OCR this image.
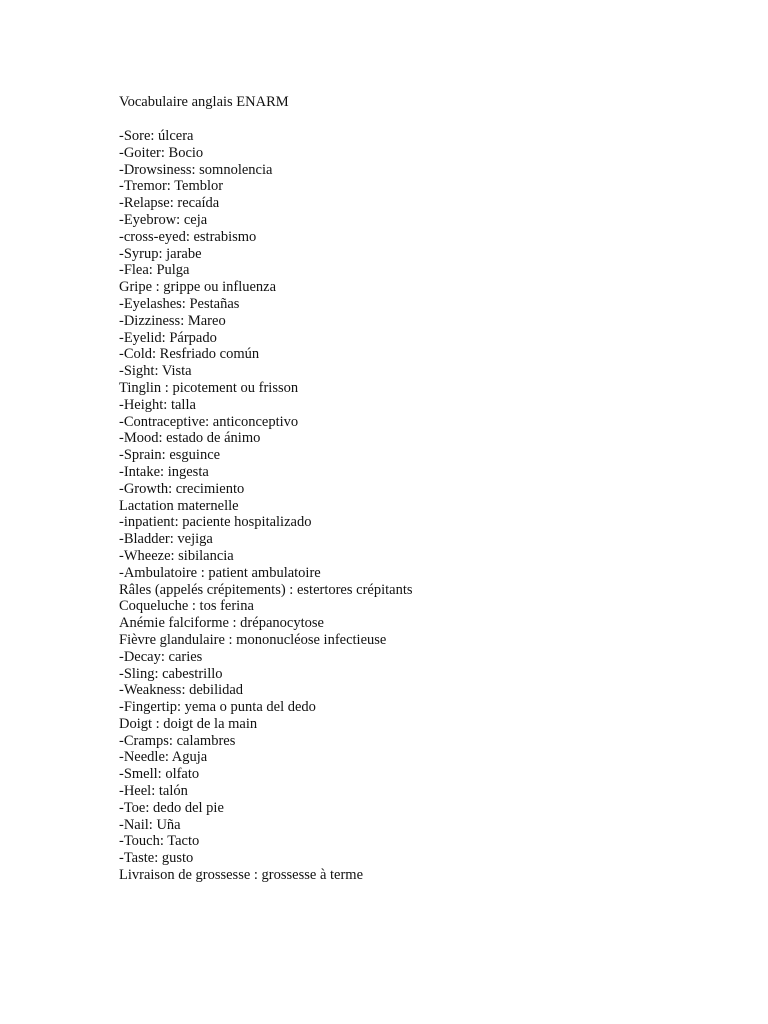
Vocabulaire anglais ENARM
-Sore: úlcera
-Goiter: Bocio
-Drowsiness: somnolencia
-Tremor: Temblor
-Relapse: recaída
-Eyebrow: ceja
-cross-eyed: estrabismo
-Syrup: jarabe
-Flea: Pulga
Gripe : grippe ou influenza
-Eyelashes: Pestañas
-Dizziness: Mareo
-Eyelid: Párpado
-Cold: Resfriado común
-Sight: Vista
Tinglin : picotement ou frisson
-Height: talla
-Contraceptive: anticonceptivo
-Mood: estado de ánimo
-Sprain: esguince
-Intake: ingesta
-Growth: crecimiento
Lactation maternelle
-inpatient: paciente hospitalizado
-Bladder: vejiga
-Wheeze: sibilancia
-Ambulatoire : patient ambulatoire
Râles (appelés crépitements) : estertores crépitants
Coqueluche : tos ferina
Anémie falciforme : drépanocytose
Fièvre glandulaire : mononucléose infectieuse
-Decay: caries
-Sling: cabestrillo
-Weakness: debilidad
-Fingertip: yema o punta del dedo
Doigt : doigt de la main
-Cramps: calambres
-Needle: Aguja
-Smell: olfato
-Heel: talón
-Toe: dedo del pie
-Nail: Uña
-Touch: Tacto
-Taste: gusto
Livraison de grossesse : grossesse à terme
